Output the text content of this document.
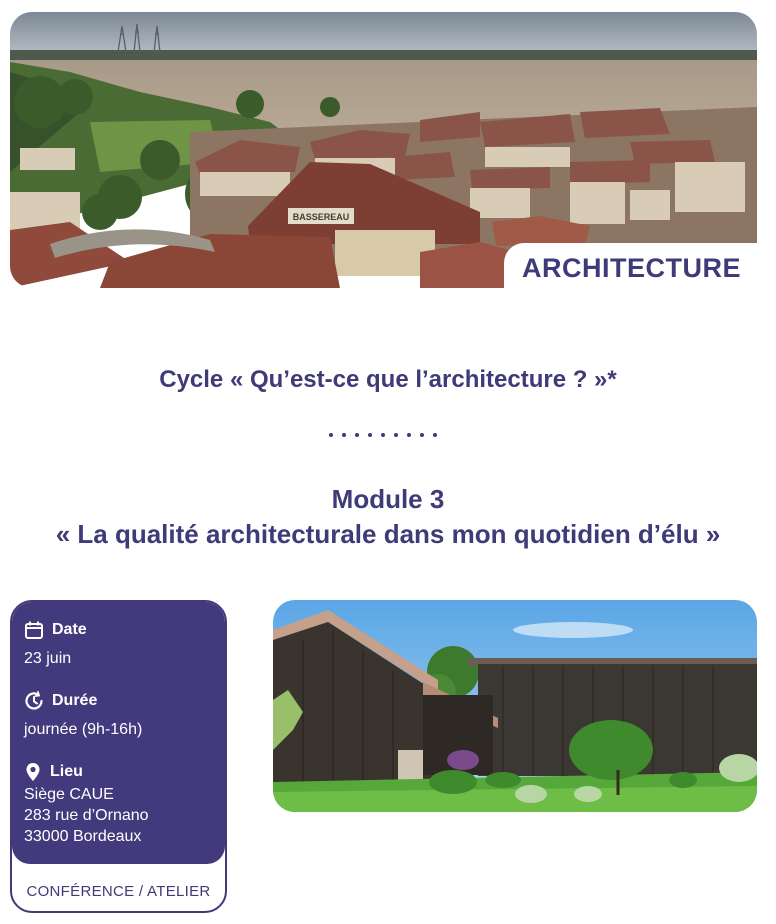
BASSEREAU
ARCHITECTURE
Cycle « Qu’est-ce que l’architecture ? »*
Module 3
« La qualité architecturale dans mon quotidien d’élu »
Date
23 juin
Durée
journée (9h-16h)
Lieu
Siège CAUE
283 rue d’Ornano
33000 Bordeaux
CONFÉRENCE / ATELIER
